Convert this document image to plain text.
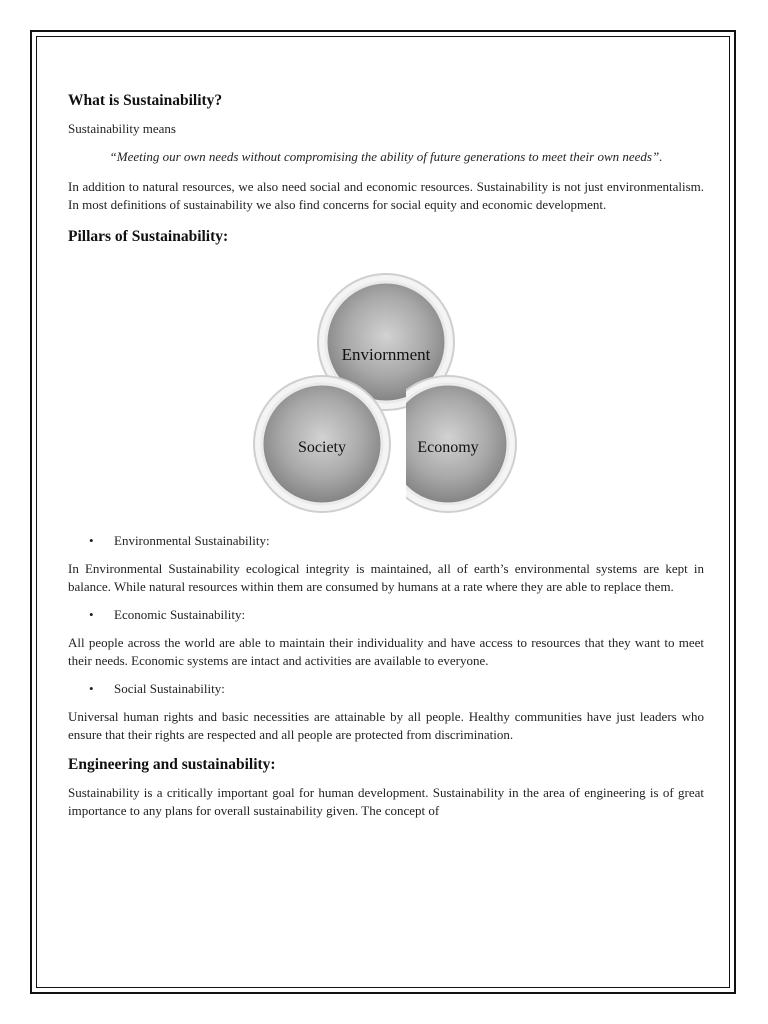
What is Sustainability?

Sustainability means

“Meeting our own needs without compromising the ability of future generations to meet their own needs”.

In addition to natural resources, we also need social and economic resources. Sustainability is not just environmentalism. In most definitions of sustainability we also find concerns for social equity and economic development.

Pillars of Sustainability:
Enviornment
Society	Economy
• Environmental Sustainability:

In Environmental Sustainability ecological integrity is maintained, all of earth’s environmental systems are kept in balance. While natural resources within them are consumed by humans at a rate where they are able to replace them.

• Economic Sustainability:

All people across the world are able to maintain their individuality and have access to resources that they want to meet their needs. Economic systems are intact and activities are available to everyone.

• Social Sustainability:

Universal human rights and basic necessities are attainable by all people. Healthy communities have just leaders who ensure that their rights are respected and all people are protected from discrimination.

Engineering and sustainability:

Sustainability is a critically important goal for human development. Sustainability in the area of engineering is of great importance to any plans for overall sustainability given. The concept of
